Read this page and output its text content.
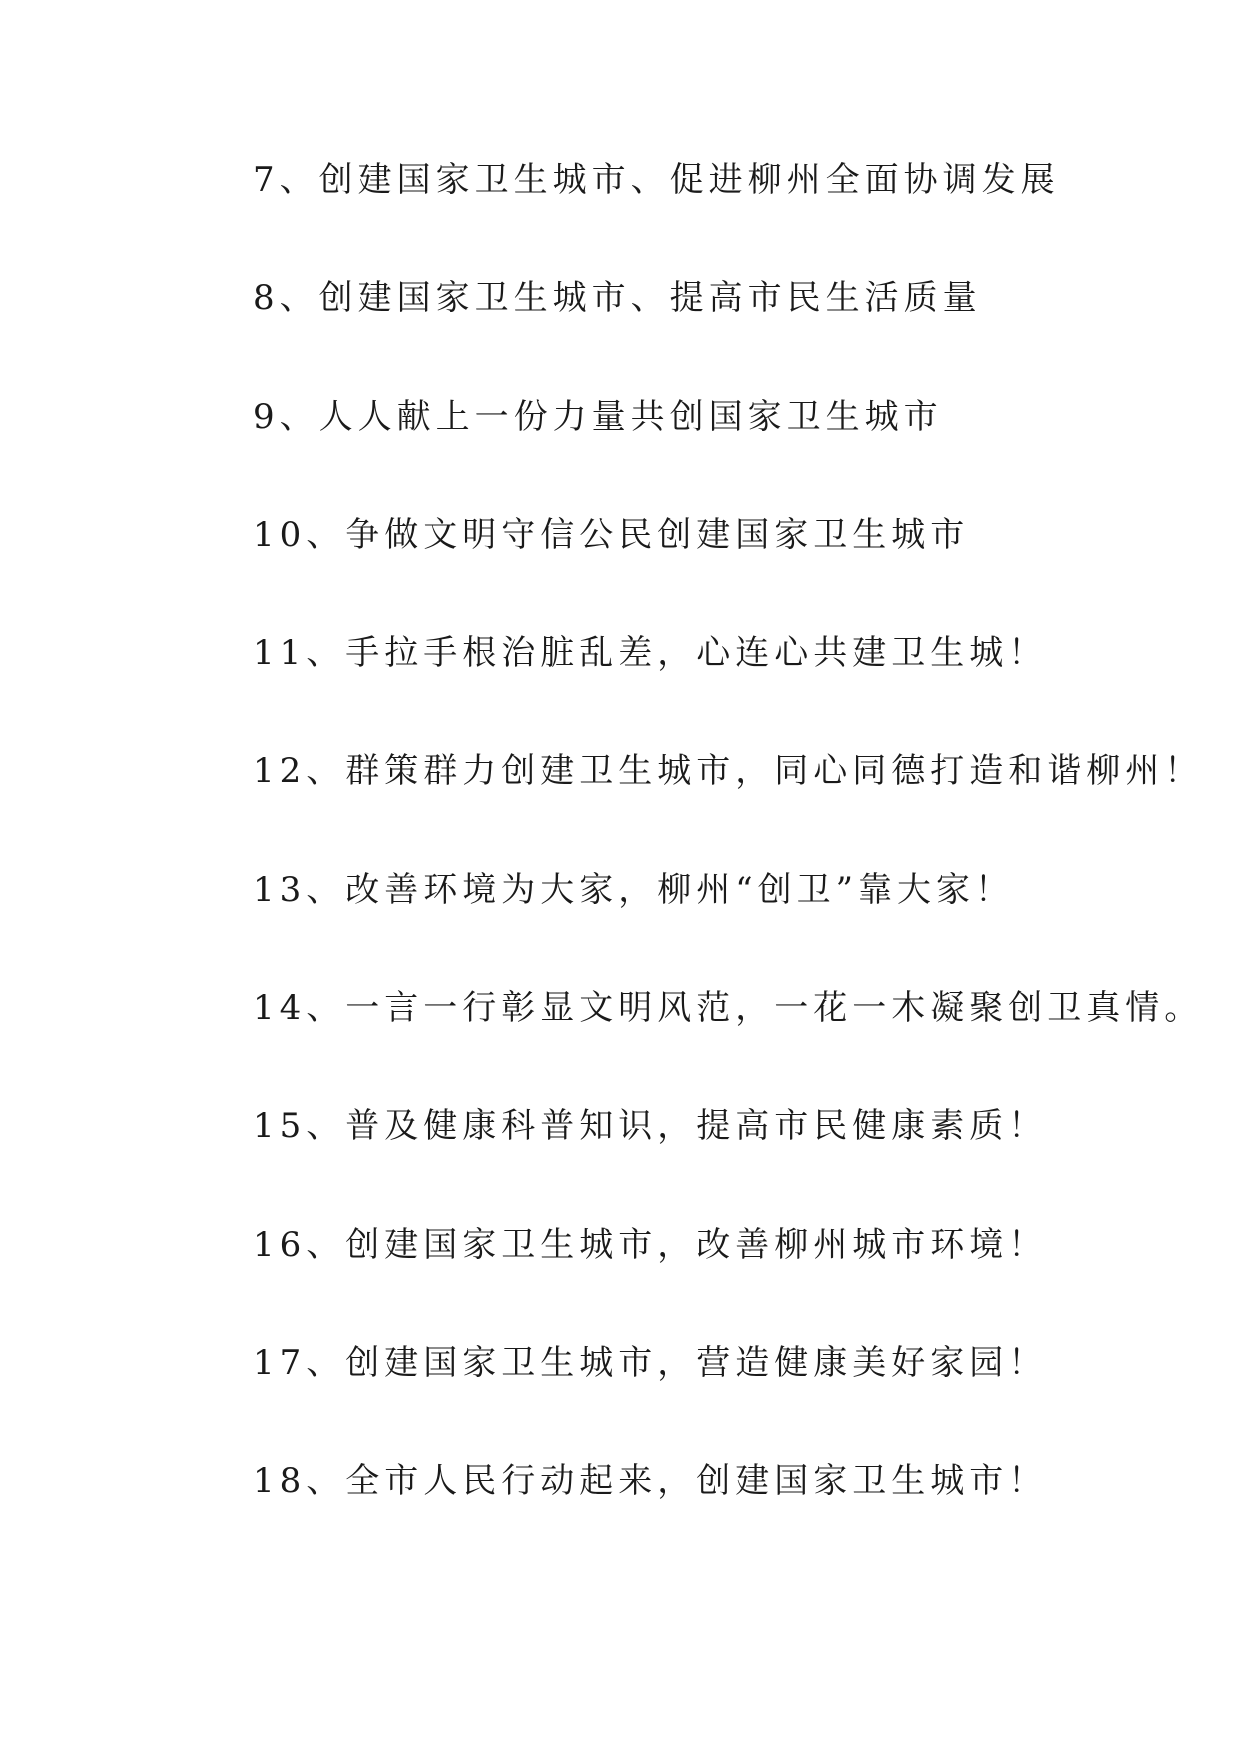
7、创建国家卫生城市、促进柳州全面协调发展
8、创建国家卫生城市、提高市民生活质量
9、人人献上一份力量共创国家卫生城市
10、争做文明守信公民创建国家卫生城市
11、手拉手根治脏乱差，心连心共建卫生城！
12、群策群力创建卫生城市，同心同德打造和谐柳州！
13、改善环境为大家，柳州“创卫”靠大家！
14、一言一行彰显文明风范，一花一木凝聚创卫真情。
15、普及健康科普知识，提高市民健康素质！
16、创建国家卫生城市，改善柳州城市环境！
17、创建国家卫生城市，营造健康美好家园！
18、全市人民行动起来，创建国家卫生城市！
